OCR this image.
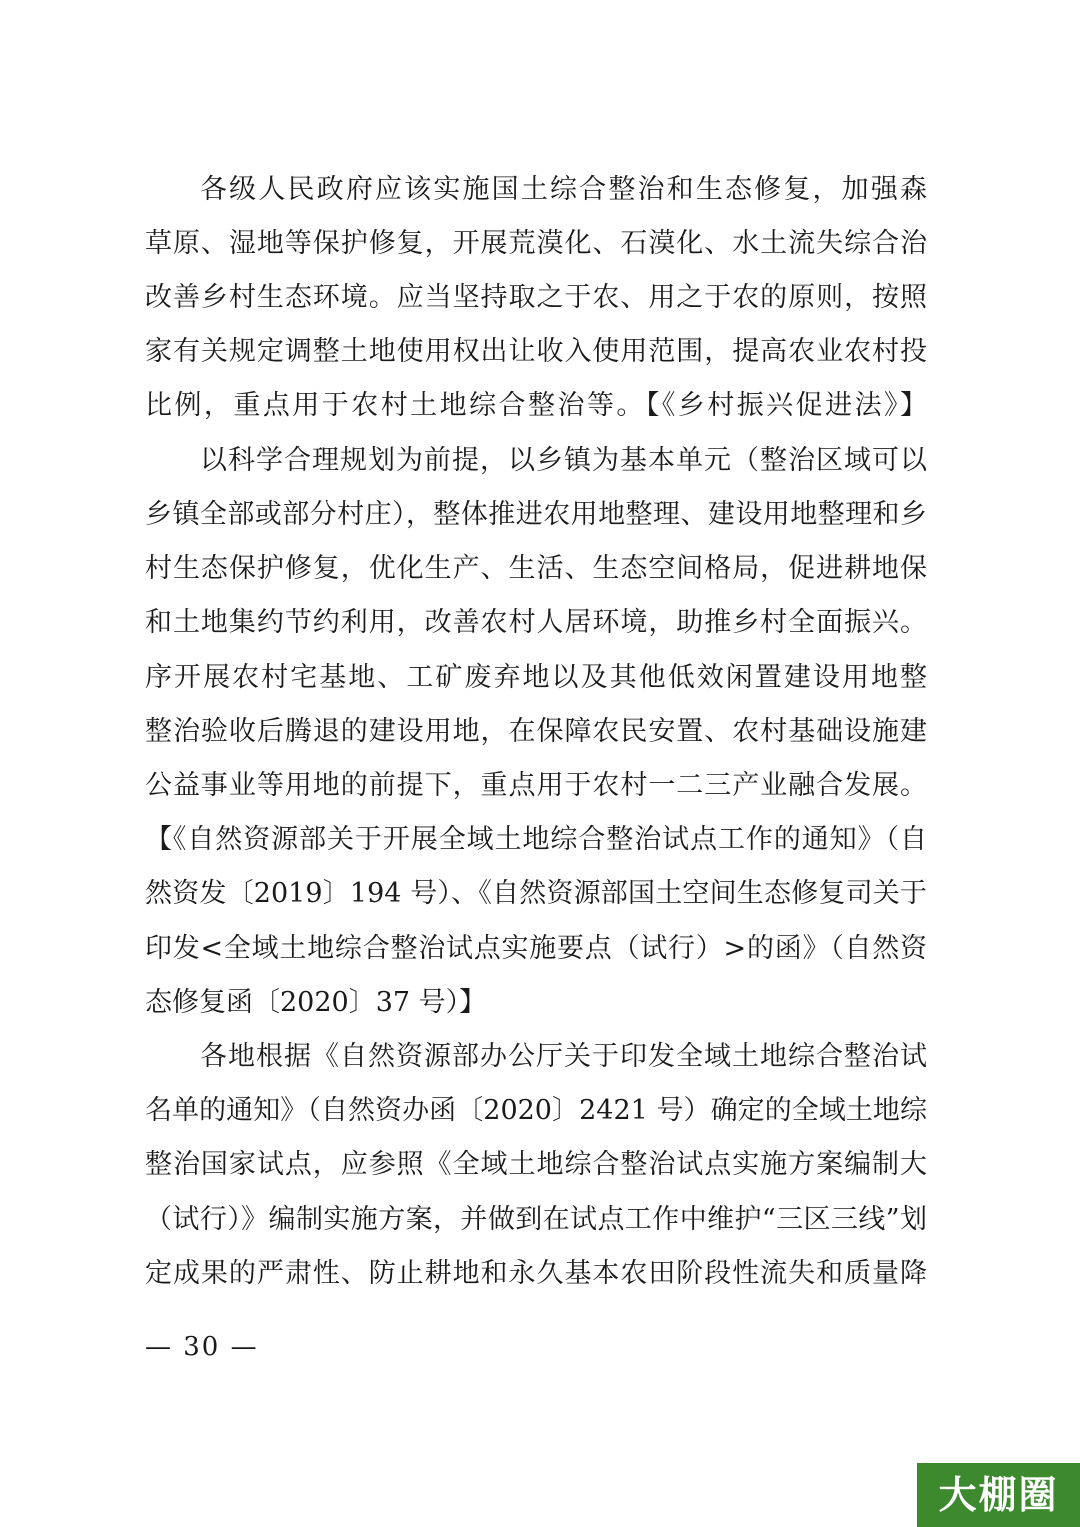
各级人民政府应该实施国土综合整治和生态修复，加强森
草原、湿地等保护修复，开展荒漠化、石漠化、水土流失综合治
改善乡村生态环境。应当坚持取之于农、用之于农的原则，按照
家有关规定调整土地使用权出让收入使用范围，提高农业农村投
比例，重点用于农村土地综合整治等。【《乡村振兴促进法》】
以科学合理规划为前提，以乡镇为基本单元（整治区域可以
乡镇全部或部分村庄），整体推进农用地整理、建设用地整理和乡
村生态保护修复，优化生产、生活、生态空间格局，促进耕地保
和土地集约节约利用，改善农村人居环境，助推乡村全面振兴。
序开展农村宅基地、工矿废弃地以及其他低效闲置建设用地整
整治验收后腾退的建设用地，在保障农民安置、农村基础设施建
公益事业等用地的前提下，重点用于农村一二三产业融合发展。
【《自然资源部关于开展全域土地综合整治试点工作的通知》（自
然资发〔2019〕194 号）、《自然资源部国土空间生态修复司关于
印发<全域土地综合整治试点实施要点（试行）>的函》（自然资
态修复函〔2020〕37 号）】
各地根据《自然资源部办公厅关于印发全域土地综合整治试
名单的通知》（自然资办函〔2020〕2421 号）确定的全域土地综
整治国家试点，应参照《全域土地综合整治试点实施方案编制大
（试行）》编制实施方案，并做到在试点工作中维护“三区三线”划
定成果的严肃性、防止耕地和永久基本农田阶段性流失和质量降
— 30 —
大棚圈
